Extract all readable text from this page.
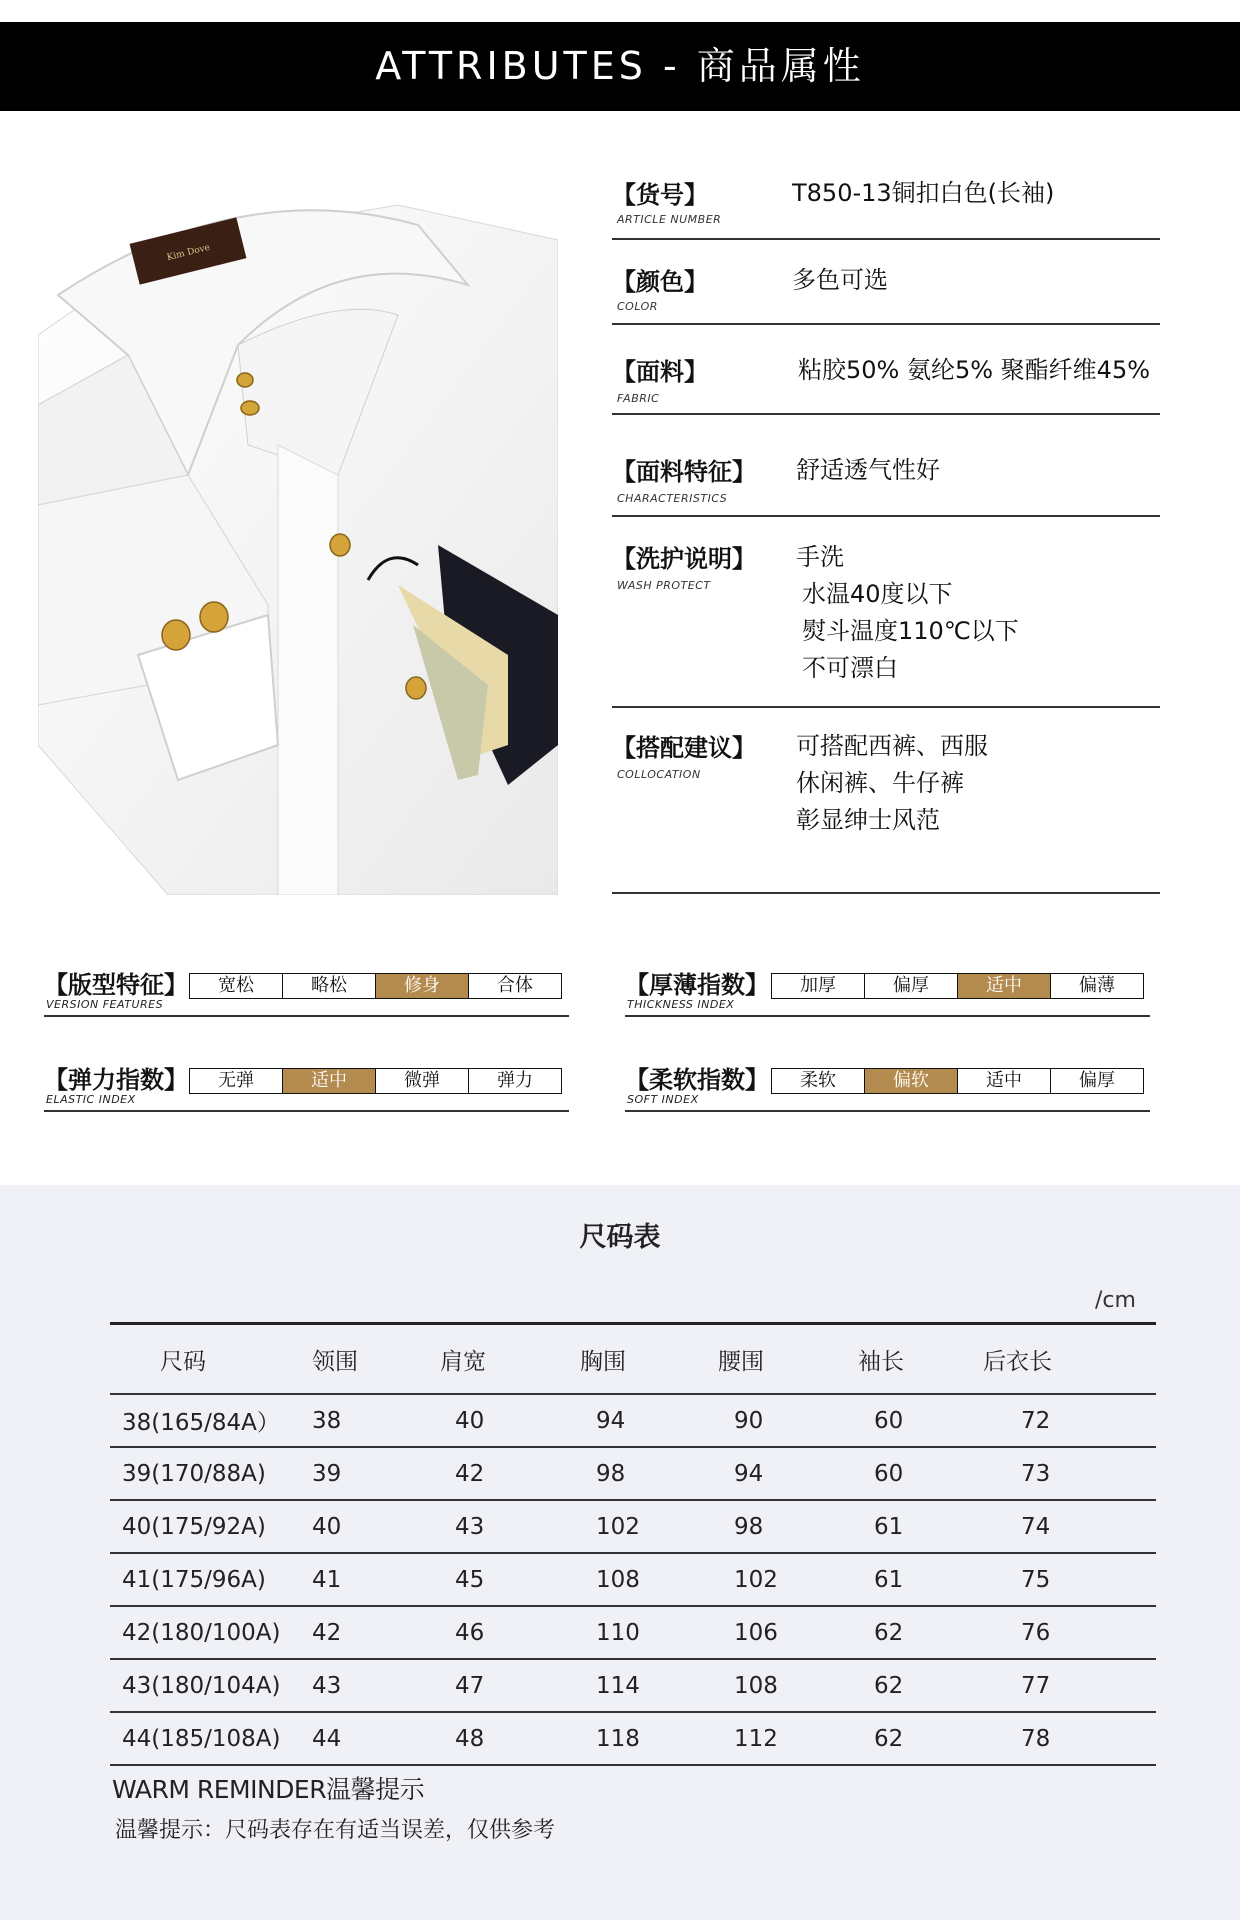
ATTRIBUTES - 商品属性
Kim Dove
【货号】
ARTICLE NUMBER
T850-13铜扣白色(长袖)
【颜色】
COLOR
多色可选
【面料】
FABRIC
粘胶50% 氨纶5% 聚酯纤维45%
【面料特征】
CHARACTERISTICS
舒适透气性好
【洗护说明】
WASH PROTECT
手洗
水温40度以下
熨斗温度110℃以下
不可漂白
【搭配建议】
COLLOCATION
可搭配西裤、西服
休闲裤、牛仔裤
彰显绅士风范
【版型特征】
VERSION FEATURES
宽松	略松	修身	合体	【厚薄指数】
THICKNESS INDEX
加厚	偏厚	适中	偏薄
【弹力指数】
ELASTIC INDEX
无弹	适中	微弹	弹力	【柔软指数】
SOFT INDEX
柔软	偏软	适中	偏厚
尺码表
/cm
尺码	领围	肩宽	胸围	腰围	袖长	后衣长
38(165/84A）	38	40	94	90	60	72
39(170/88A)	39	42	98	94	60	73
40(175/92A)	40	43	102	98	61	74
41(175/96A)	41	45	108	102	61	75
42(180/100A)	42	46	110	106	62	76
43(180/104A)	43	47	114	108	62	77
44(185/108A)	44	48	118	112	62	78
WARM REMINDER温馨提示
温馨提示：尺码表存在有适当误差，仅供参考
